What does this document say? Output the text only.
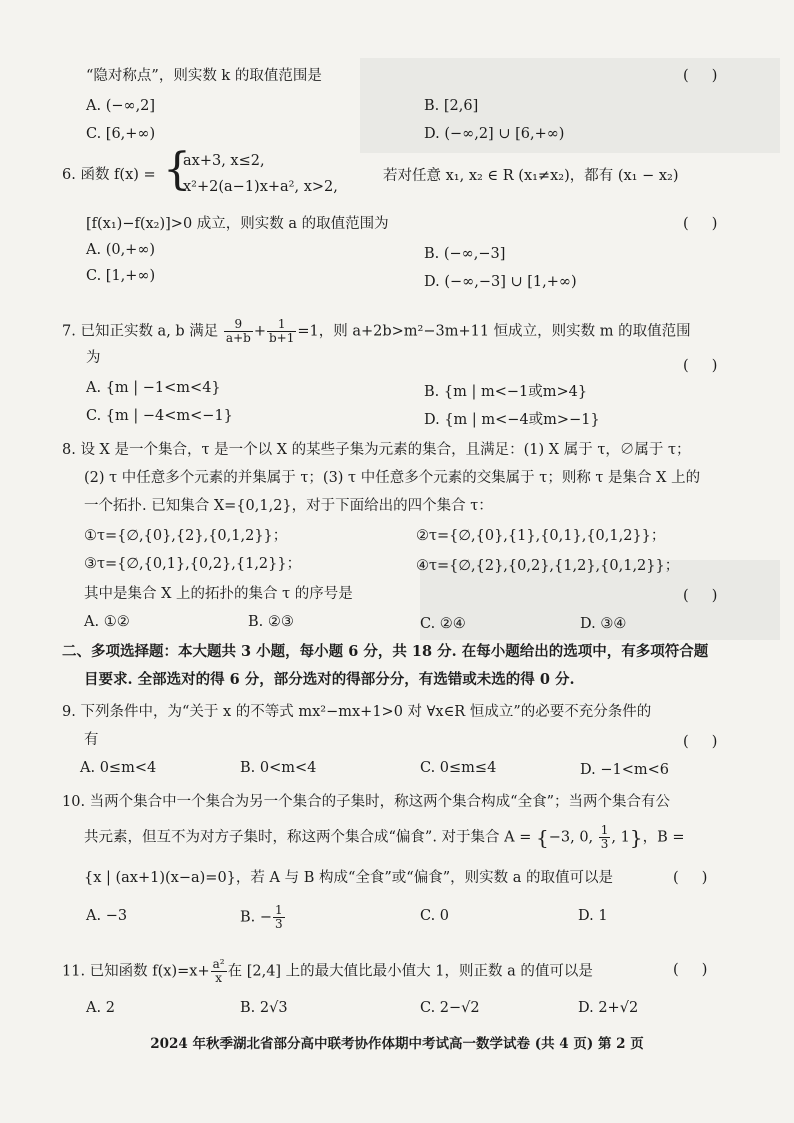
“隐对称点”，则实数 k 的取值范围是	(     )
A. (−∞,2]	B. [2,6]
C. [6,+∞)	D. (−∞,2] ∪ [6,+∞)
6. 函数 f(x) = {
ax+3, x≤2,
x²+2(a−1)x+a², x>2,
若对任意 x₁, x₂ ∈ R (x₁≠x₂)，都有 (x₁ − x₂)
[f(x₁)−f(x₂)]>0 成立，则实数 a 的取值范围为	(     )
A. (0,+∞)	B. (−∞,−3]
C. [1,+∞)	D. (−∞,−3] ∪ [1,+∞)
7. 已知正实数 a, b 满足 $\frac{9}{a+b} + \frac{1}{b+1} =1$，则 a+2b>m²−3m+11 恒成立，则实数 m 的取值范围
为	(     )
A. {m | −1<m<4}	B. {m | m<−1或m>4}
C. {m | −4<m<−1}	D. {m | m<−4或m>−1}
8. 设 X 是一个集合，τ 是一个以 X 的某些子集为元素的集合，且满足：(1) X 属于 τ，∅属于 τ；
(2) τ 中任意多个元素的并集属于 τ；(3) τ 中任意多个元素的交集属于 τ；则称 τ 是集合 X 上的
一个拓扑. 已知集合 X={0,1,2}，对于下面给出的四个集合 τ：
①τ={∅,{0},{2},{0,1,2}}；	②τ={∅,{0},{1},{0,1},{0,1,2}}；
③τ={∅,{0,1},{0,2},{1,2}}；	④τ={∅,{2},{0,2},{1,2},{0,1,2}}；
其中是集合 X 上的拓扑的集合 τ 的序号是	(     )
A. ①②	B. ②③	C. ②④	D. ③④
二、多项选择题：本大题共 3 小题，每小题 6 分，共 18 分. 在每小题给出的选项中，有多项符合题
目要求. 全部选对的得 6 分，部分选对的得部分分，有选错或未选的得 0 分.
9. 下列条件中，为“关于 x 的不等式 mx²−mx+1>0 对 ∀x∈R 恒成立”的必要不充分条件的
有	(     )
A. 0≤m<4	B. 0<m<4	C. 0≤m≤4	D. −1<m<6
10. 当两个集合中一个集合为另一个集合的子集时，称这两个集合构成“全食”；当两个集合有公
共元素，但互不为对方子集时，称这两个集合成“偏食”. 对于集合 A = {−3, 0, $\frac{1}{3}$ , 1}，B =
{x | (ax+1)(x−a)=0}，若 A 与 B 构成“全食”或“偏食”，则实数 a 的取值可以是	(     )
A. −3	B. − $\frac{1}{3}$	C. 0	D. 1
11. 已知函数 $f(x)=x+ \frac{\text{a²}}{x}$ 在 [2,4] 上的最大值比最小值大 1，则正数 a 的值可以是	(     )
A. 2	B. 2√3	C. 2−√2	D. 2+√2
2024 年秋季湖北省部分高中联考协作体期中考试高一数学试卷 (共 4 页) 第 2 页
